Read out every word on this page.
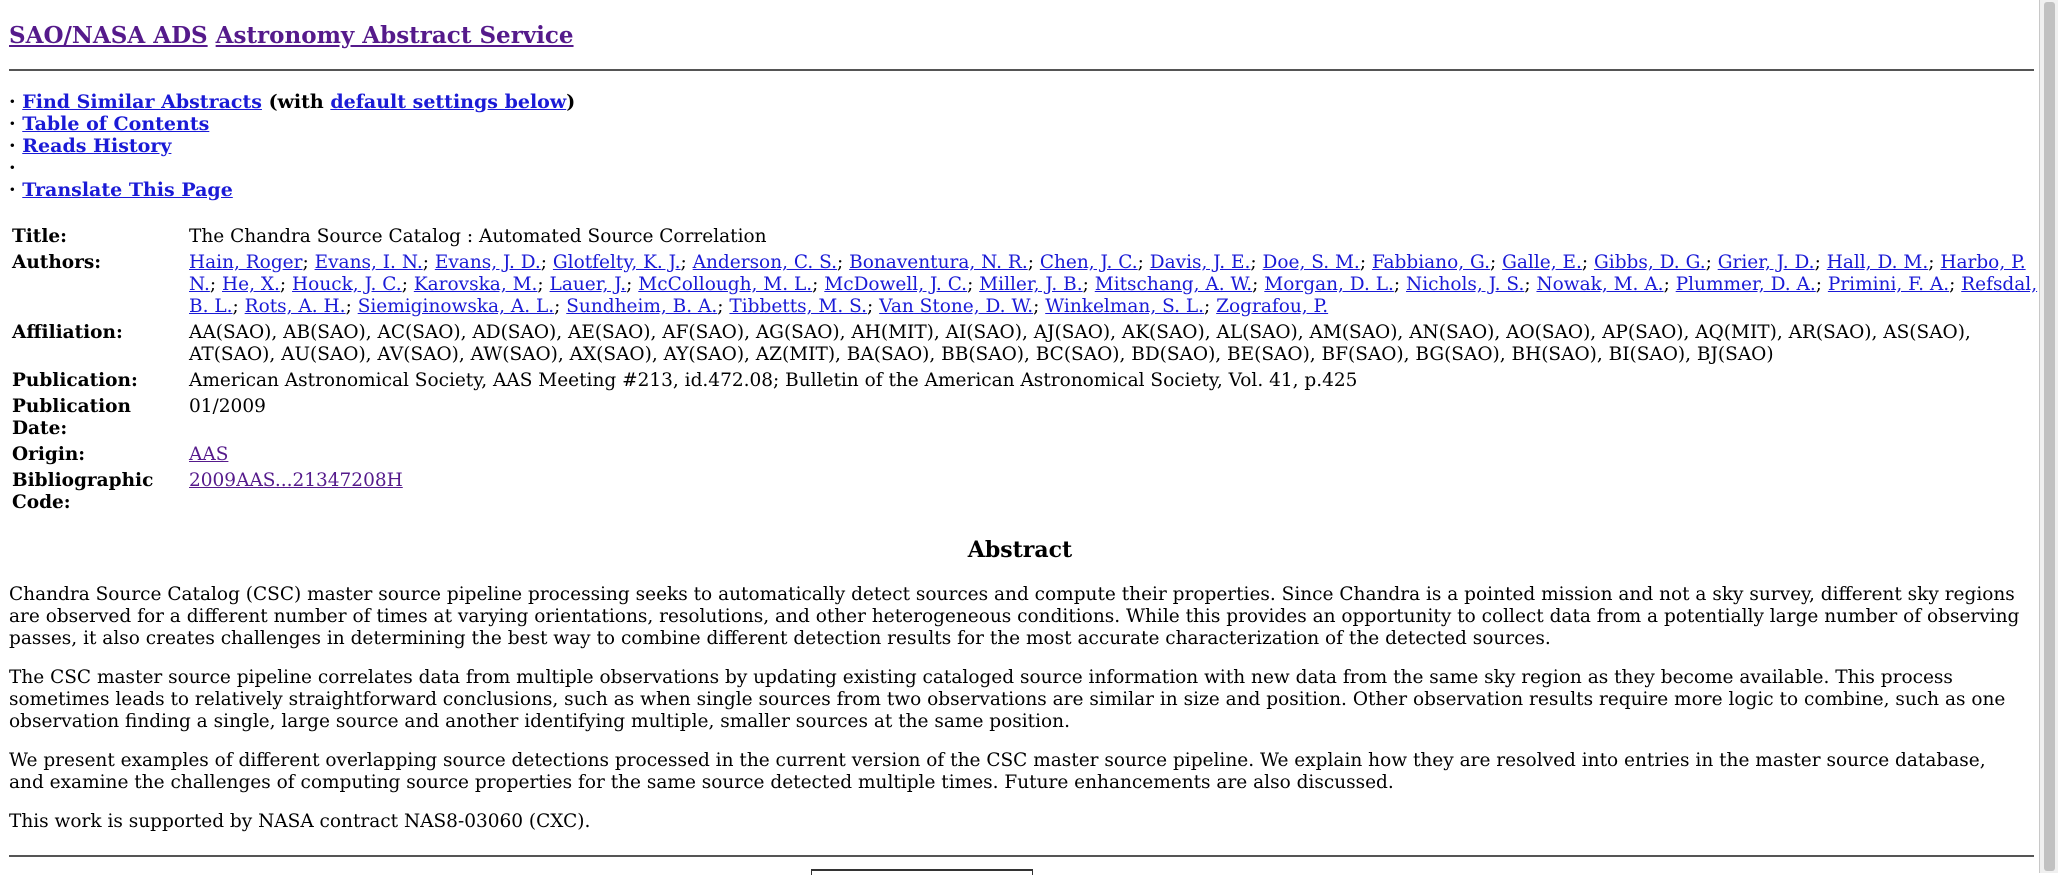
SAO/NASA ADS Astronomy Abstract Service
· Find Similar Abstracts (with default settings below)
· Table of Contents
· Reads History
·
· Translate This Page
Title:	The Chandra Source Catalog : Automated Source Correlation
Authors:	Hain, Roger; Evans, I. N.; Evans, J. D.; Glotfelty, K. J.; Anderson, C. S.; Bonaventura, N. R.; Chen, J. C.; Davis, J. E.; Doe, S. M.; Fabbiano, G.; Galle, E.; Gibbs, D. G.; Grier, J. D.; Hall, D. M.; Harbo, P. N.; He, X.; Houck, J. C.; Karovska, M.; Lauer, J.; McCollough, M. L.; McDowell, J. C.; Miller, J. B.; Mitschang, A. W.; Morgan, D. L.; Nichols, J. S.; Nowak, M. A.; Plummer, D. A.; Primini, F. A.; Refsdal, B. L.; Rots, A. H.; Siemiginowska, A. L.; Sundheim, B. A.; Tibbetts, M. S.; Van Stone, D. W.; Winkelman, S. L.; Zografou, P.
Affiliation:	AA(SAO), AB(SAO), AC(SAO), AD(SAO), AE(SAO), AF(SAO), AG(SAO), AH(MIT), AI(SAO), AJ(SAO), AK(SAO), AL(SAO), AM(SAO), AN(SAO), AO(SAO), AP(SAO), AQ(MIT), AR(SAO), AS(SAO), AT(SAO), AU(SAO), AV(SAO), AW(SAO), AX(SAO), AY(SAO), AZ(MIT), BA(SAO), BB(SAO), BC(SAO), BD(SAO), BE(SAO), BF(SAO), BG(SAO), BH(SAO), BI(SAO), BJ(SAO)
Publication:	American Astronomical Society, AAS Meeting #213, id.472.08; Bulletin of the American Astronomical Society, Vol. 41, p.425
Publication Date:	01/2009
Origin:	AAS
Bibliographic Code:	2009AAS...21347208H
Abstract

Chandra Source Catalog (CSC) master source pipeline processing seeks to automatically detect sources and compute their properties. Since Chandra is a pointed mission and not a sky survey, different sky regions are observed for a different number of times at varying orientations, resolutions, and other heterogeneous conditions. While this provides an opportunity to collect data from a potentially large number of observing passes, it also creates challenges in determining the best way to combine different detection results for the most accurate characterization of the detected sources.

The CSC master source pipeline correlates data from multiple observations by updating existing cataloged source information with new data from the same sky region as they become available. This process sometimes leads to relatively straightforward conclusions, such as when single sources from two observations are similar in size and position. Other observation results require more logic to combine, such as one observation finding a single, large source and another identifying multiple, smaller sources at the same position.

We present examples of different overlapping source detections processed in the current version of the CSC master source pipeline. We explain how they are resolved into entries in the master source database, and examine the challenges of computing source properties for the same source detected multiple times. Future enhancements are also discussed.

This work is supported by NASA contract NAS8-03060 (CXC).
